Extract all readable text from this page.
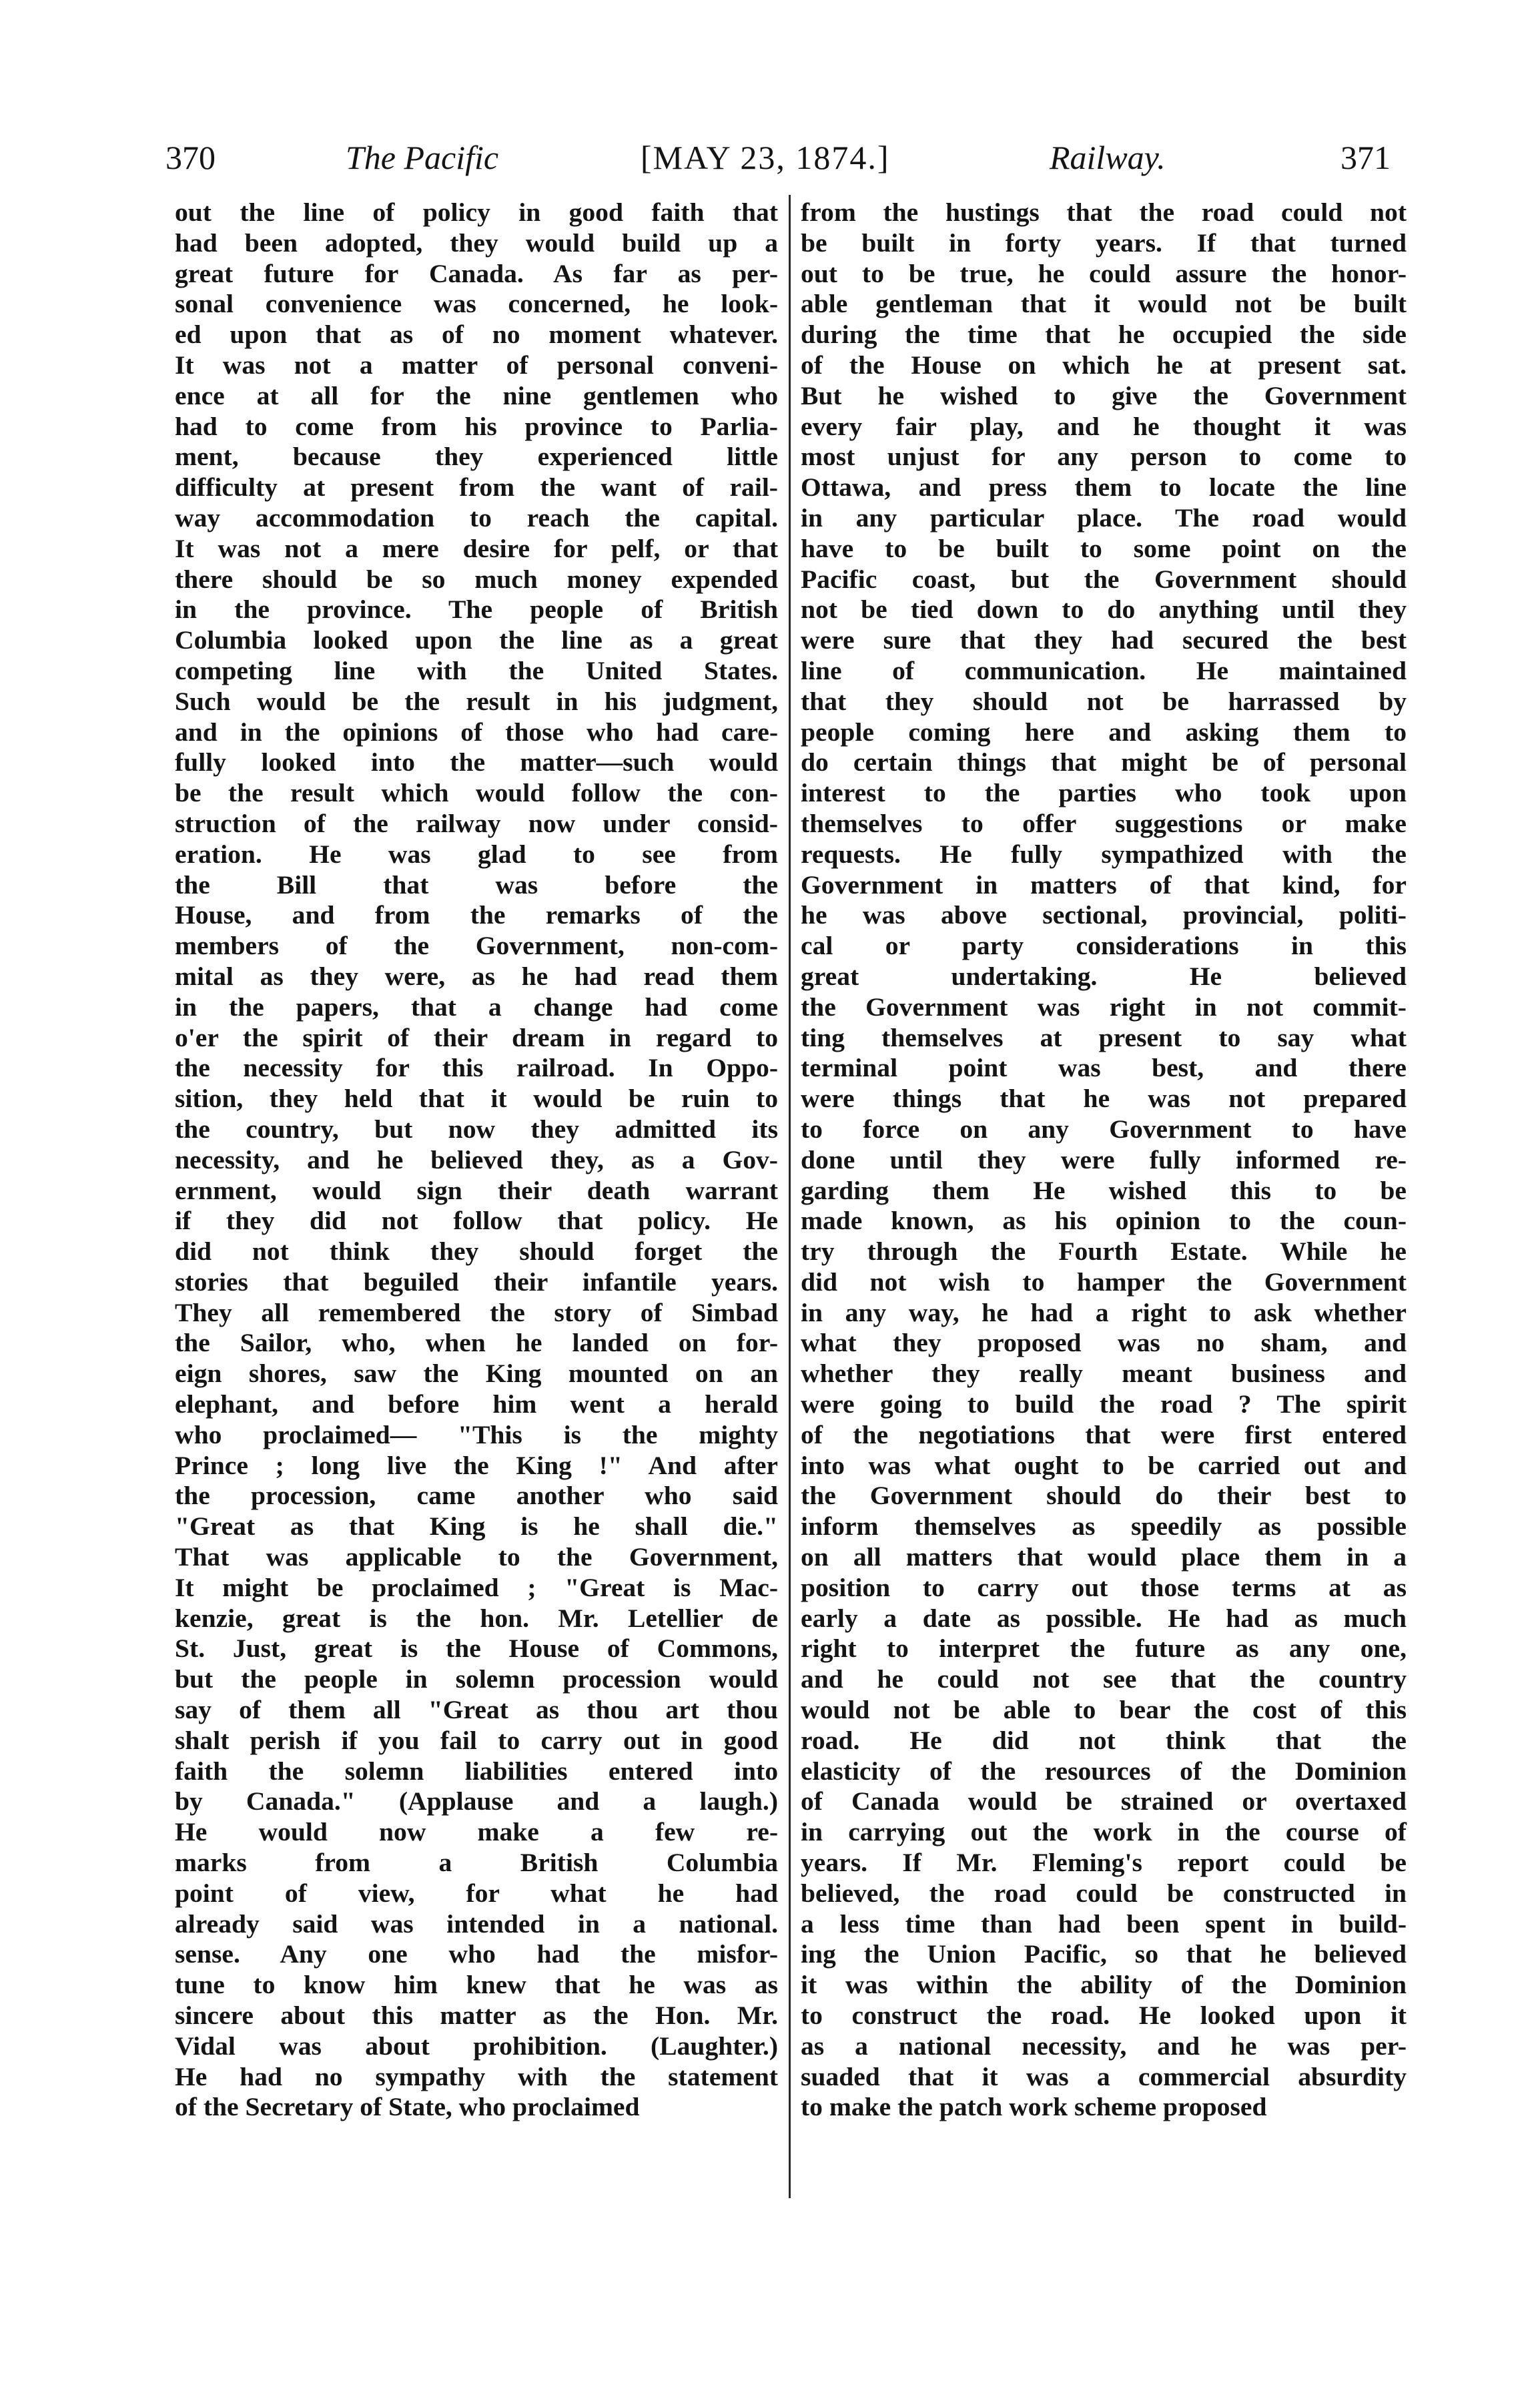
370	The Pacific	[MAY 23, 1874.]	Railway.	371
out the line of policy in good faith that
had been adopted, they would build up a
great future for Canada. As far as per-
sonal convenience was concerned, he look-
ed upon that as of no moment whatever.
It was not a matter of personal conveni-
ence at all for the nine gentlemen who
had to come from his province to Parlia-
ment, because they experienced little
difficulty at present from the want of rail-
way accommodation to reach the capital.
It was not a mere desire for pelf, or that
there should be so much money expended
in the province. The people of British
Columbia looked upon the line as a great
competing line with the United States.
Such would be the result in his judgment,
and in the opinions of those who had care-
fully looked into the matter—such would
be the result which would follow the con-
struction of the railway now under consid-
eration. He was glad to see from
the Bill that was before the
House, and from the remarks of the
members of the Government, non-com-
mital as they were, as he had read them
in the papers, that a change had come
o'er the spirit of their dream in regard to
the necessity for this railroad. In Oppo-
sition, they held that it would be ruin to
the country, but now they admitted its
necessity, and he believed they, as a Gov-
ernment, would sign their death warrant
if they did not follow that policy. He
did not think they should forget the
stories that beguiled their infantile years.
They all remembered the story of Simbad
the Sailor, who, when he landed on for-
eign shores, saw the King mounted on an
elephant, and before him went a herald
who proclaimed— "This is the mighty
Prince ; long live the King !" And after
the procession, came another who said
"Great as that King is he shall die."
That was applicable to the Government,
It might be proclaimed ; "Great is Mac-
kenzie, great is the hon. Mr. Letellier de
St. Just, great is the House of Commons,
but the people in solemn procession would
say of them all "Great as thou art thou
shalt perish if you fail to carry out in good
faith the solemn liabilities entered into
by Canada." (Applause and a laugh.)
He would now make a few re-
marks from a British Columbia
point of view, for what he had
already said was intended in a national.
sense. Any one who had the misfor-
tune to know him knew that he was as
sincere about this matter as the Hon. Mr.
Vidal was about prohibition. (Laughter.)
He had no sympathy with the statement
of the Secretary of State, who proclaimed
from the hustings that the road could not
be built in forty years. If that turned
out to be true, he could assure the honor-
able gentleman that it would not be built
during the time that he occupied the side
of the House on which he at present sat.
But he wished to give the Government
every fair play, and he thought it was
most unjust for any person to come to
Ottawa, and press them to locate the line
in any particular place. The road would
have to be built to some point on the
Pacific coast, but the Government should
not be tied down to do anything until they
were sure that they had secured the best
line of communication. He maintained
that they should not be harrassed by
people coming here and asking them to
do certain things that might be of personal
interest to the parties who took upon
themselves to offer suggestions or make
requests. He fully sympathized with the
Government in matters of that kind, for
he was above sectional, provincial, politi-
cal or party considerations in this
great undertaking. He believed
the Government was right in not commit-
ting themselves at present to say what
terminal point was best, and there
were things that he was not prepared
to force on any Government to have
done until they were fully informed re-
garding them He wished this to be
made known, as his opinion to the coun-
try through the Fourth Estate. While he
did not wish to hamper the Government
in any way, he had a right to ask whether
what they proposed was no sham, and
whether they really meant business and
were going to build the road ? The spirit
of the negotiations that were first entered
into was what ought to be carried out and
the Government should do their best to
inform themselves as speedily as possible
on all matters that would place them in a
position to carry out those terms at as
early a date as possible. He had as much
right to interpret the future as any one,
and he could not see that the country
would not be able to bear the cost of this
road. He did not think that the
elasticity of the resources of the Dominion
of Canada would be strained or overtaxed
in carrying out the work in the course of
years. If Mr. Fleming's report could be
believed, the road could be constructed in
a less time than had been spent in build-
ing the Union Pacific, so that he believed
it was within the ability of the Dominion
to construct the road. He looked upon it
as a national necessity, and he was per-
suaded that it was a commercial absurdity
to make the patch work scheme proposed
